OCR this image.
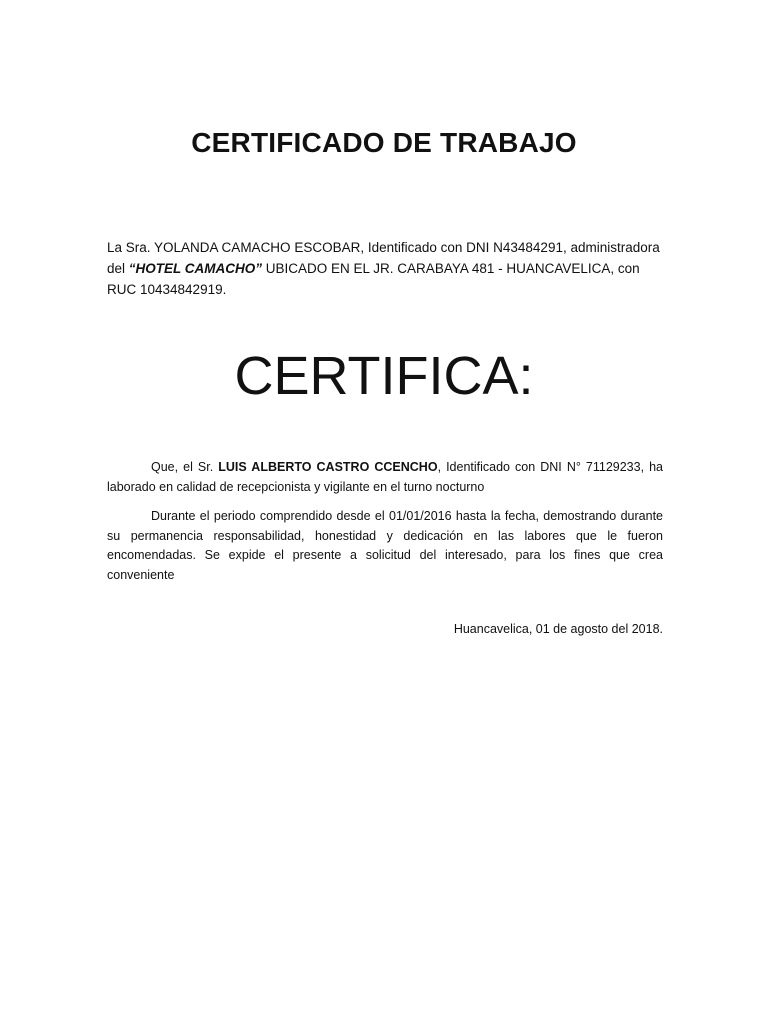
CERTIFICADO DE TRABAJO

La Sra. YOLANDA CAMACHO ESCOBAR, Identificado con DNI N43484291, administradora del “HOTEL CAMACHO” UBICADO EN EL JR. CARABAYA 481 - HUANCAVELICA, con RUC 10434842919.

CERTIFICA:

Que, el Sr. LUIS ALBERTO CASTRO CCENCHO, Identificado con DNI N° 71129233, ha laborado en calidad de recepcionista y vigilante en el turno nocturno

Durante el periodo comprendido desde el 01/01/2016 hasta la fecha, demostrando durante su permanencia responsabilidad, honestidad y dedicación en las labores que le fueron encomendadas. Se expide el presente a solicitud del interesado, para los fines que crea conveniente

Huancavelica, 01 de agosto del 2018.
